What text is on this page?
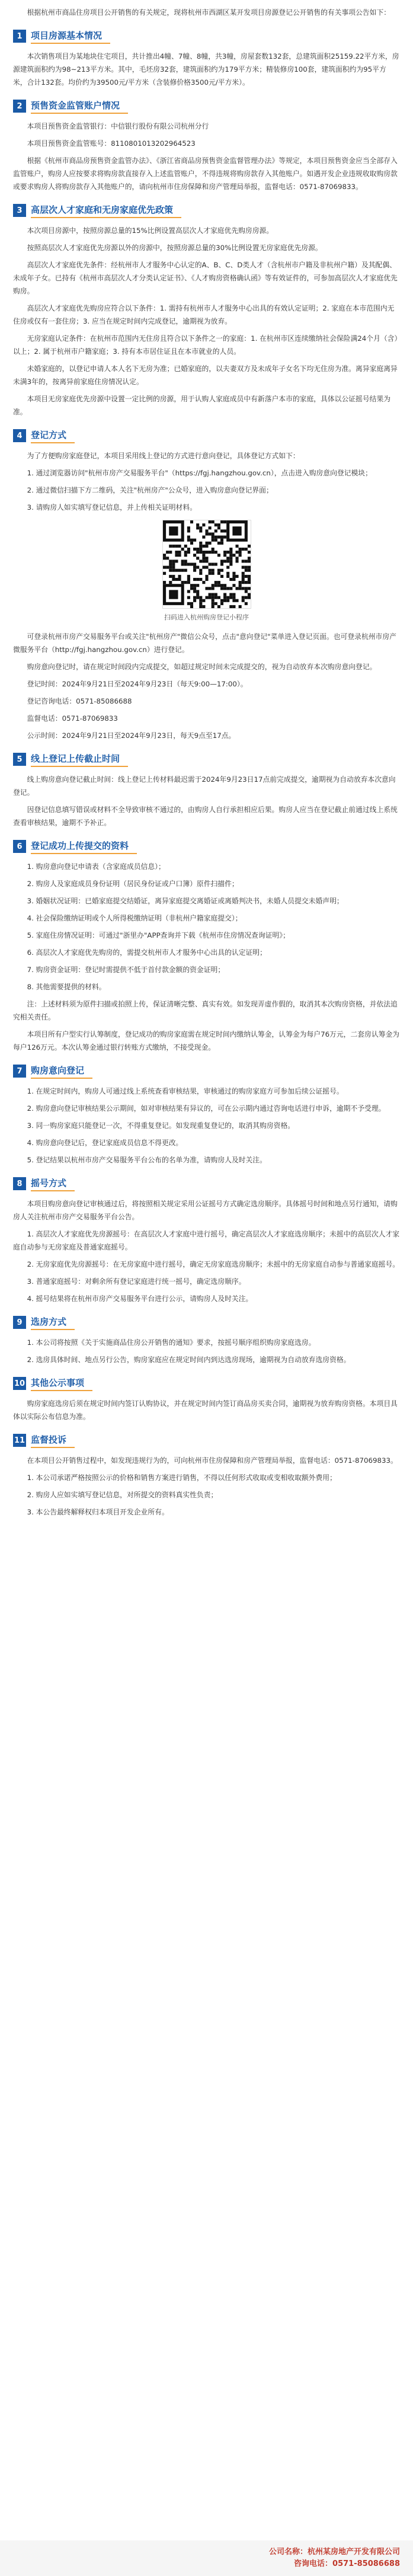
根据杭州市商品住房项目公开销售的有关规定，现将杭州市西湖区某开发项目房源登记公开销售的有关事项公告如下：

1 项目房源基本情况

本次销售项目为某地块住宅项目，共计推出4幢、7幢、8幢，共3幢，房屋套数132套，总建筑面积25159.22平方米，房源建筑面积约为98~213平方米。其中，毛坯房32套，建筑面积约为179平方米；精装修房100套，建筑面积约为95平方米，合计132套。均价约为39500元/平方米（含装修价格3500元/平方米）。

2 预售资金监管账户情况

本项目预售资金监管银行：中信银行股份有限公司杭州分行

本项目预售资金监管账号：8110801013202964523

根据《杭州市商品房预售资金监管办法》、《浙江省商品房预售资金监督管理办法》等规定，本项目预售资金应当全部存入监管账户，购房人应按要求将购房款直接存入上述监管账户，不得违规将购房款存入其他账户。如遇开发企业违规收取购房款或要求购房人将购房款存入其他账户的，请向杭州市住房保障和房产管理局举报，监督电话：0571-87069833。

3 高层次人才家庭和无房家庭优先政策

本次项目房源中，按照房源总量的15%比例设置高层次人才家庭优先购房房源。

按照高层次人才家庭优先房源以外的房源中，按照房源总量的30%比例设置无房家庭优先房源。

高层次人才家庭优先条件：经杭州市人才服务中心认定的A、B、C、D类人才（含杭州市户籍及非杭州户籍）及其配偶、未成年子女。已持有《杭州市高层次人才分类认定证书》、《人才购房资格确认函》等有效证件的，可参加高层次人才家庭优先购房。

高层次人才家庭优先购房应符合以下条件：1. 需持有杭州市人才服务中心出具的有效认定证明；2. 家庭在本市范围内无住房或仅有一套住房；3. 应当在规定时间内完成登记，逾期视为放弃。

无房家庭认定条件：在杭州市范围内无住房且符合以下条件之一的家庭：1. 在杭州市区连续缴纳社会保险满24个月（含）以上；2. 属于杭州市户籍家庭；3. 持有本市居住证且在本市就业的人员。

未婚家庭的，以登记申请人本人名下无房为准；已婚家庭的，以夫妻双方及未成年子女名下均无住房为准。离异家庭离异未满3年的，按离异前家庭住房情况认定。

本项目无房家庭优先房源中设置一定比例的房源，用于认购人家庭成员中有新落户本市的家庭，具体以公证摇号结果为准。

4 登记方式

为了方便购房家庭登记，本项目采用线上登记的方式进行意向登记，具体登记方式如下：

1. 通过浏览器访问"杭州市房产交易服务平台"（https://fgj.hangzhou.gov.cn），点击进入购房意向登记模块；

2. 通过微信扫描下方二维码，关注"杭州房产"公众号，进入购房意向登记界面；

3. 请购房人如实填写登记信息，并上传相关证明材料。

扫码进入杭州购房登记小程序

可登录杭州市房产交易服务平台或关注"杭州房产"微信公众号，点击"意向登记"菜单进入登记页面。也可登录杭州市房产微服务平台（http://fgj.hangzhou.gov.cn）进行登记。

购房意向登记时，请在规定时间段内完成提交，如超过规定时间未完成提交的，视为自动放弃本次购房意向登记。

登记时间：2024年9月21日至2024年9月23日（每天9:00—17:00）。

登记咨询电话：0571-85086688

监督电话：0571-87069833

公示时间：2024年9月21日至2024年9月23日，每天9点至17点。

5 线上登记上传截止时间

线上购房意向登记截止时间：线上登记上传材料最迟需于2024年9月23日17点前完成提交，逾期视为自动放弃本次意向登记。

因登记信息填写错误或材料不全导致审核不通过的，由购房人自行承担相应后果。购房人应当在登记截止前通过线上系统查看审核结果，逾期不予补正。

6 登记成功上传提交的资料

1. 购房意向登记申请表（含家庭成员信息）；

2. 购房人及家庭成员身份证明（居民身份证或户口簿）原件扫描件；

3. 婚姻状况证明：已婚家庭提交结婚证，离异家庭提交离婚证或离婚判决书，未婚人员提交未婚声明；

4. 社会保险缴纳证明或个人所得税缴纳证明（非杭州户籍家庭提交）；

5. 家庭住房情况证明：可通过"浙里办"APP查询并下载《杭州市住房情况查询证明》；

6. 高层次人才家庭优先购房的，需提交杭州市人才服务中心出具的认定证明；

7. 购房资金证明：登记时需提供不低于首付款金额的资金证明；

8. 其他需要提供的材料。

注：上述材料须为原件扫描或拍照上传，保证清晰完整、真实有效。如发现弄虚作假的，取消其本次购房资格，并依法追究相关责任。

本项目所有户型实行认筹制度，登记成功的购房家庭需在规定时间内缴纳认筹金，认筹金为每户76万元，二套房认筹金为每户126万元。本次认筹金通过银行转账方式缴纳，不接受现金。

7 购房意向登记

1. 在规定时间内，购房人可通过线上系统查看审核结果，审核通过的购房家庭方可参加后续公证摇号。

2. 购房意向登记审核结果公示期间，如对审核结果有异议的，可在公示期内通过咨询电话进行申诉，逾期不予受理。

3. 同一购房家庭只能登记一次，不得重复登记。如发现重复登记的，取消其购房资格。

4. 购房意向登记后，登记家庭成员信息不得更改。

5. 登记结果以杭州市房产交易服务平台公布的名单为准，请购房人及时关注。

8 摇号方式

本项目购房意向登记审核通过后，将按照相关规定采用公证摇号方式确定选房顺序。具体摇号时间和地点另行通知，请购房人关注杭州市房产交易服务平台公告。

1. 高层次人才家庭优先房源摇号：在高层次人才家庭中进行摇号，确定高层次人才家庭选房顺序；未摇中的高层次人才家庭自动参与无房家庭及普通家庭摇号。

2. 无房家庭优先房源摇号：在无房家庭中进行摇号，确定无房家庭选房顺序；未摇中的无房家庭自动参与普通家庭摇号。

3. 普通家庭摇号：对剩余所有登记家庭进行统一摇号，确定选房顺序。

4. 摇号结果将在杭州市房产交易服务平台进行公示，请购房人及时关注。

9 选房方式

1. 本公司将按照《关于实施商品住房公开销售的通知》要求，按摇号顺序组织购房家庭选房。

2. 选房具体时间、地点另行公告，购房家庭应在规定时间内到达选房现场，逾期视为自动放弃选房资格。

10 其他公示事项

购房家庭选房后须在规定时间内签订认购协议，并在规定时间内签订商品房买卖合同，逾期视为放弃购房资格。本项目具体以实际公布信息为准。

11 监督投诉

在本项目公开销售过程中，如发现违规行为的，可向杭州市住房保障和房产管理局举报，监督电话：0571-87069833。

1. 本公司承诺严格按照公示的价格和销售方案进行销售，不得以任何形式收取或变相收取额外费用；

2. 购房人应如实填写登记信息，对所提交的资料真实性负责；

3. 本公告最终解释权归本项目开发企业所有。

公司名称：杭州某房地产开发有限公司
咨询电话：0571-85086688
